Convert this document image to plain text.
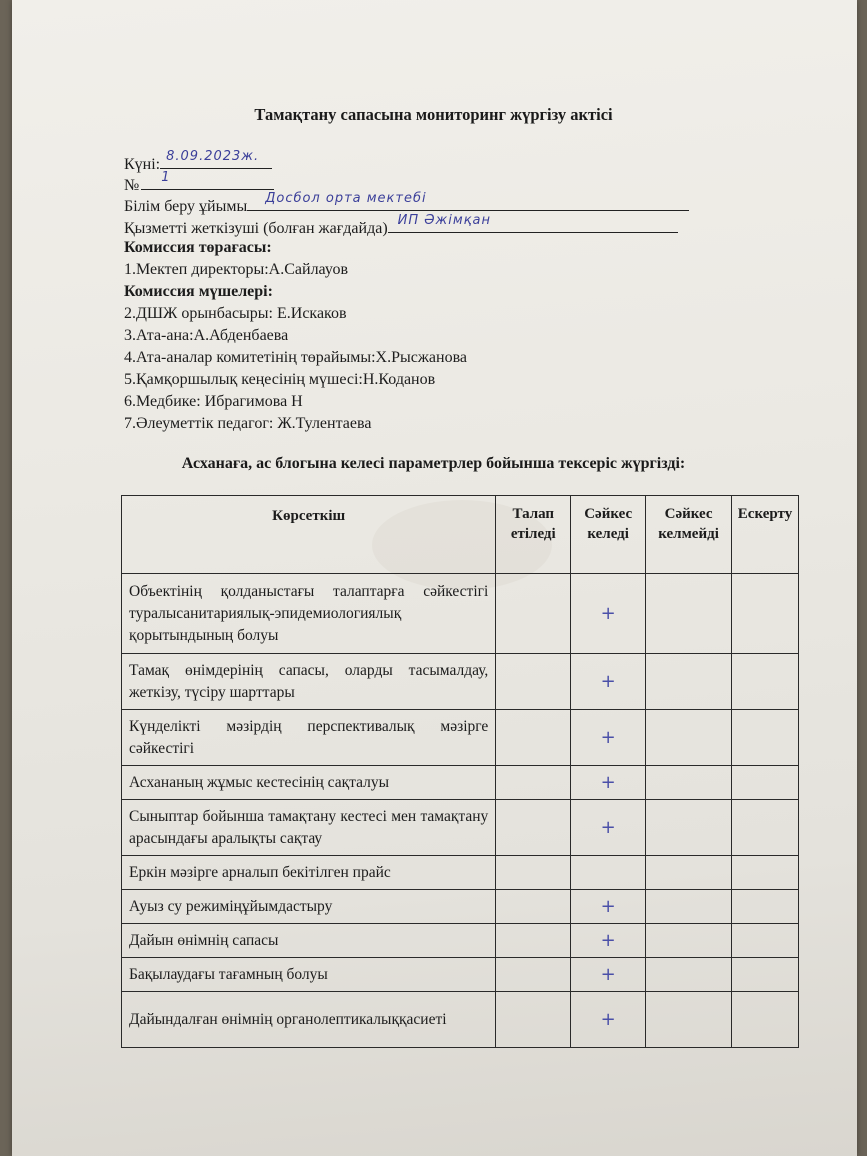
Тамақтану сапасына мониторинг жүргізу актісі
Күні: 8.09.2023ж.
№ 1
Білім беру ұйымы Досбол орта мектебі
Қызметті жеткізуші (болған жағдайда) ИП Әжімқан
Комиссия төрағасы:
1.Мектеп директоры:А.Сайлауов
Комиссия мүшелері:
2.ДШЖ орынбасыры: Е.Искаков
3.Ата-ана:А.Абденбаева
4.Ата-аналар комитетінің төрайымы:Х.Рысжанова
5.Қамқоршылық кеңесінің мүшесі:Н.Коданов
6.Медбике: Ибрагимова Н
7.Әлеуметтік педагог: Ж.Тулентаева
Асханаға, ас блогына келесі параметрлер бойынша тексеріс жүргізді:
Көрсеткіш	Талап етіледі	Сәйкес келеді	Сәйкес келмейді	Ескерту
Объектінің қолданыстағы талаптарға сәйкестігі туралысанитариялық-эпидемиологиялық қорытындының болуы		+		
Тамақ өнімдерінің сапасы, оларды тасымалдау, жеткізу, түсіру шарттары		+		
Күнделікті мәзірдің перспективалық мәзірге сәйкестігі		+		
Асхананың жұмыс кестесінің сақталуы		+		
Сыныптар бойынша тамақтану кестесі мен тамақтану арасындағы аралықты сақтау		+		
Еркін мәзірге арналып бекітілген прайс				
Ауыз су режиміңұйымдастыру		+		
Дайын өнімнің сапасы		+		
Бақылаудағы тағамның болуы		+		
Дайындалған өнімнің органолептикалыққасиеті		+		
